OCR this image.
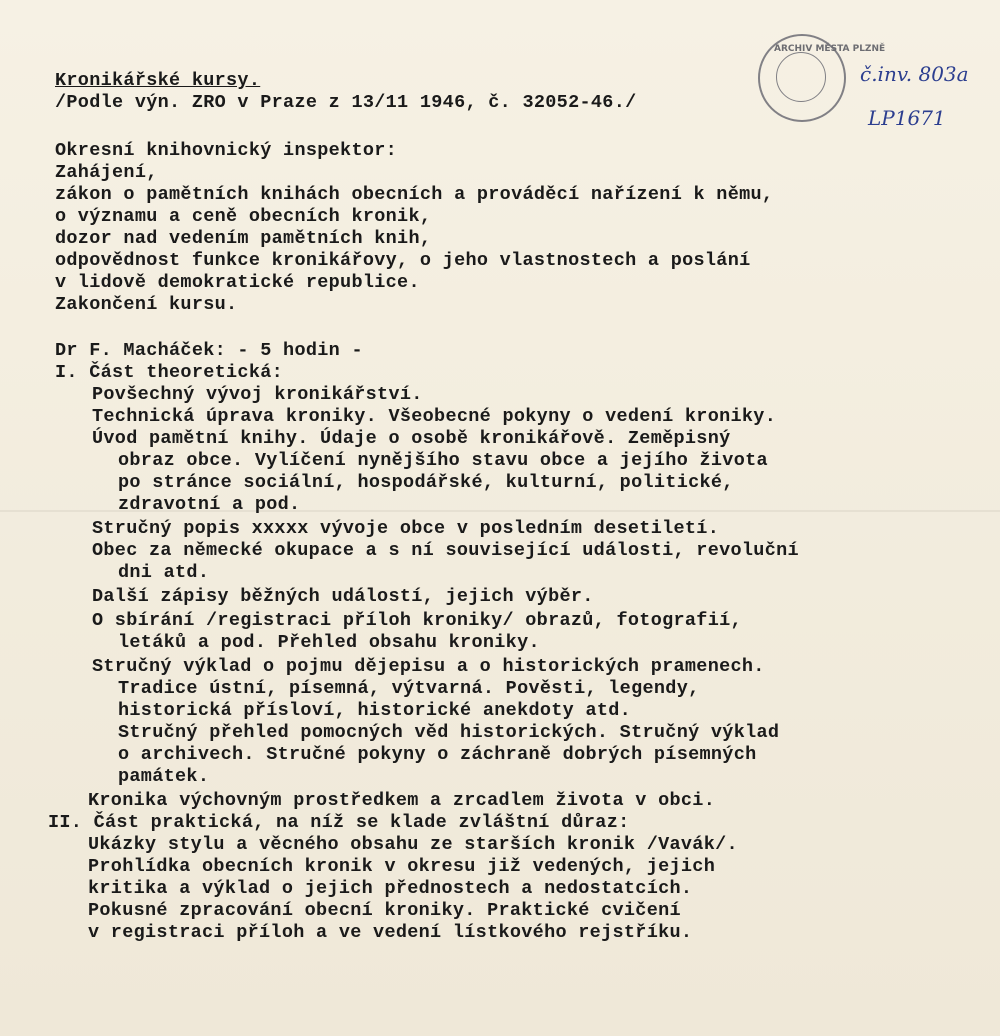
ARCHIV MĚSTA PLZNĚ
č.inv. 803a
LP1671
Kronikářské kursy.
/Podle výn. ZRO v Praze z 13/11 1946, č. 32052-46./
Okresní knihovnický inspektor:
Zahájení,
zákon o pamětních knihách obecních a prováděcí nařízení k němu,
o významu a ceně obecních kronik,
dozor nad vedením pamětních knih,
odpovědnost funkce kronikářovy, o jeho vlastnostech a poslání
v lidově demokratické republice.
Zakončení kursu.
Dr F. Macháček: - 5 hodin -
I. Část theoretická:
Povšechný vývoj kronikářství.
Technická úprava kroniky. Všeobecné pokyny o vedení kroniky.
Úvod pamětní knihy. Údaje o osobě kronikářově. Zeměpisný
obraz obce. Vylíčení nynějšího stavu obce a jejího života
po stránce sociální, hospodářské, kulturní, politické,
zdravotní a pod.
Stručný popis xxxxx vývoje obce v posledním desetiletí.
Obec za německé okupace a s ní související události, revoluční
dni atd.
Další zápisy běžných událostí, jejich výběr.
O sbírání /registraci příloh kroniky/ obrazů, fotografií,
letáků a pod. Přehled obsahu kroniky.
Stručný výklad o pojmu dějepisu a o historických pramenech.
Tradice ústní, písemná, výtvarná. Pověsti, legendy,
historická přísloví, historické anekdoty atd.
Stručný přehled pomocných věd historických. Stručný výklad
o archivech. Stručné pokyny o záchraně dobrých písemných
památek.
Kronika výchovným prostředkem a zrcadlem života v obci.
II. Část praktická, na níž se klade zvláštní důraz:
Ukázky stylu a věcného obsahu ze starších kronik /Vavák/.
Prohlídka obecních kronik v okresu již vedených, jejich
kritika a výklad o jejich přednostech a nedostatcích.
Pokusné zpracování obecní kroniky. Praktické cvičení
v registraci příloh a ve vedení lístkového rejstříku.
